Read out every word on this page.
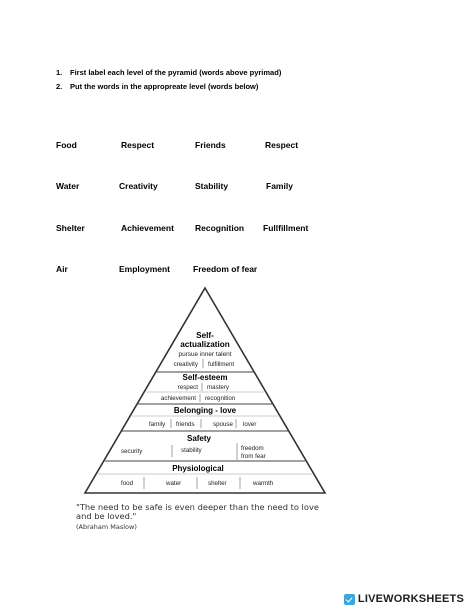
1. First label each level of the pyramid (words above pyrimad)
2. Put the words in the appropreate level (words below)
Food	Respect	Friends	Respect
Water	Creativity	Stability	Family
Shelter	Achievement Recognition Fullfillment
Air	Employment	Freedom of fear
Self-
actualization
pursue inner talent
creativity fulfillment
Self-esteem
respect mastery
achievement recognition
Belonging - love
family friends	spouse lover
Safety
security	stability	freedom
from fear
Physiological
food	water	shelter	warmth
"The need to be safe is even deeper than the need to love and be loved."
(Abraham Maslow)
LIVEWORKSHEETS
